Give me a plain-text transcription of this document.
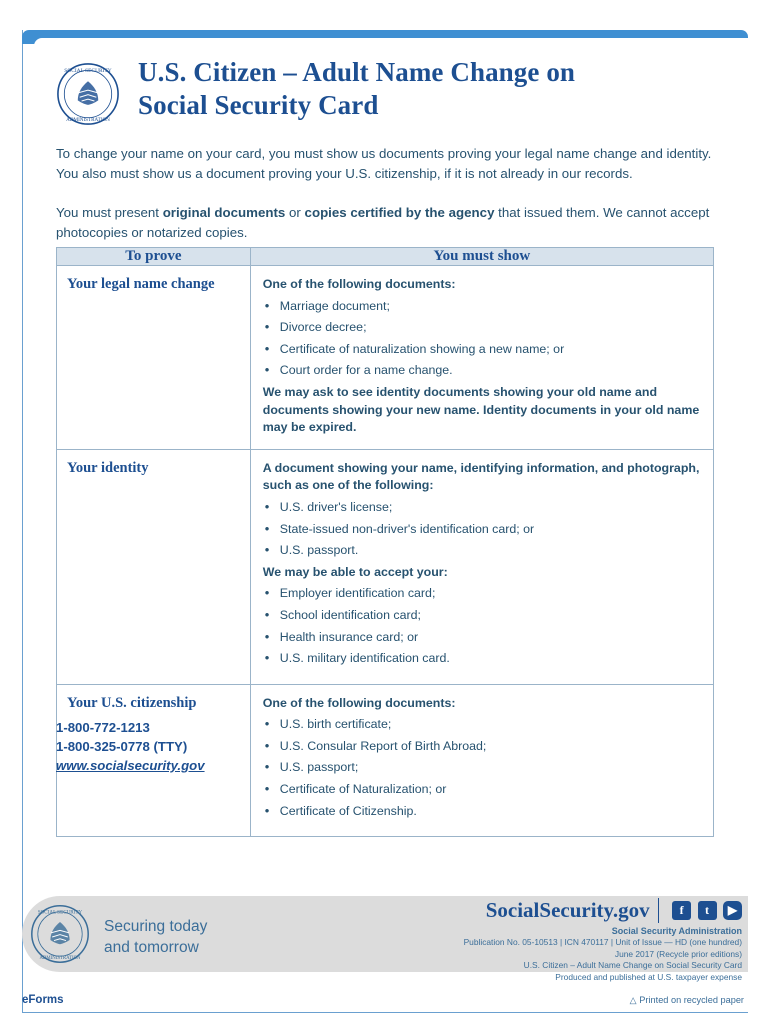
SOCIAL SECURITY
ADMINISTRATION
U.S. Citizen – Adult Name Change on
Social Security Card
To change your name on your card, you must show us documents proving your legal name change and identity. You also must show us a document proving your U.S. citizenship, if it is not already in our records.
You must present original documents or copies certified by the agency that issued them. We cannot accept photocopies or notarized copies.
To prove	You must show

Your legal name change	One of the following documents:

• Marriage document;
• Divorce decree;
• Certificate of naturalization showing a new name; or
• Court order for a name change.

We may ask to see identity documents showing your old name and documents showing your new name. Identity documents in your old name may be expired.

Your identity	A document showing your name, identifying information, and photograph, such as one of the following:

• U.S. driver's license;
• State-issued non-driver's identification card; or
• U.S. passport.

We may be able to accept your:

• Employer identification card;
• School identification card;
• Health insurance card; or
• U.S. military identification card.

Your U.S. citizenship	One of the following documents:

• U.S. birth certificate;
• U.S. Consular Report of Birth Abroad;
• U.S. passport;
• Certificate of Naturalization; or
• Certificate of Citizenship.
1-800-772-1213
1-800-325-0778 (TTY)
www.socialsecurity.gov
SOCIAL SECURITY
ADMINISTRATION
Securing today
and tomorrow
SocialSecurity.gov f t ▶
Social Security Administration
Publication No. 05-10513 | ICN 470117 | Unit of Issue — HD (one hundred)
June 2017 (Recycle prior editions)
U.S. Citizen – Adult Name Change on Social Security Card
Produced and published at U.S. taxpayer expense
eForms	△ Printed on recycled paper
